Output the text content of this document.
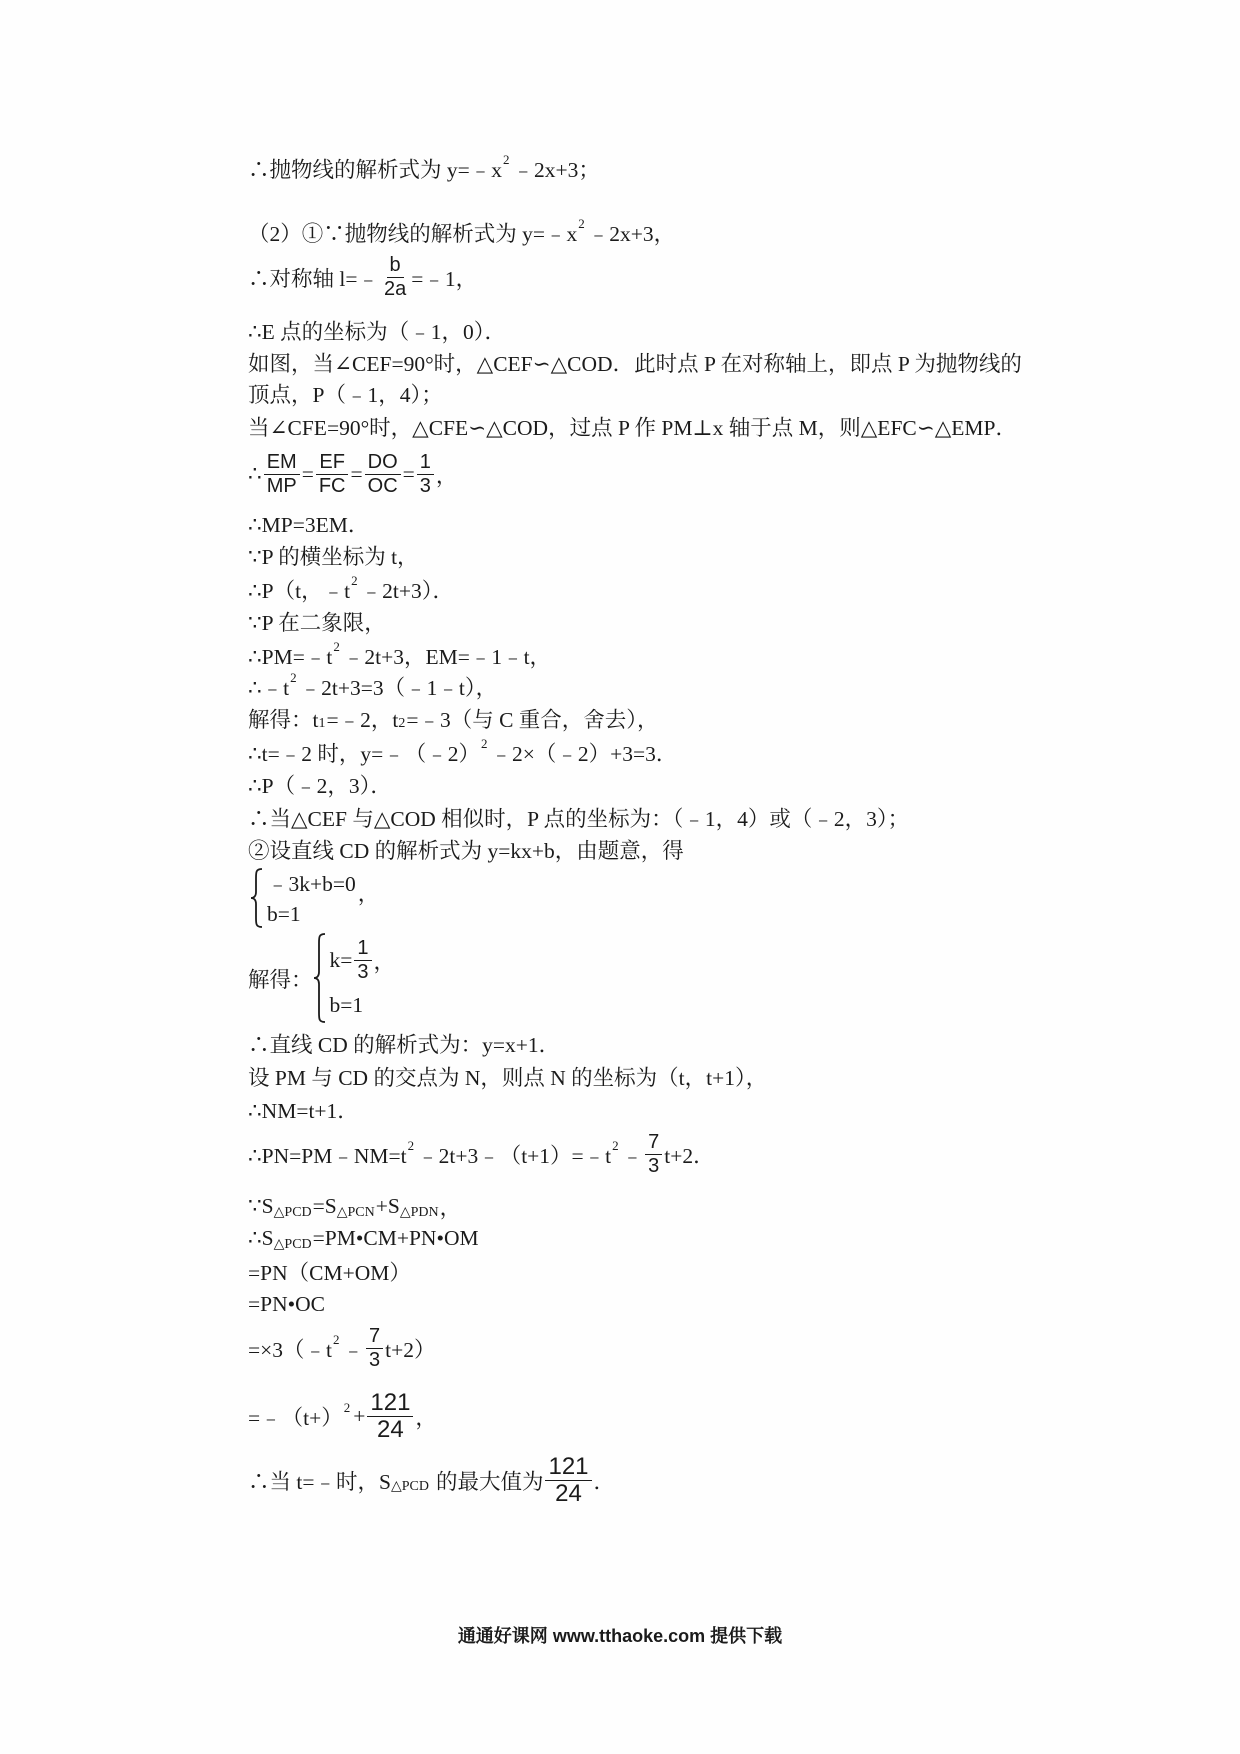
∴抛物线的解析式为 y=﹣x 2 ﹣2x+3；
（2）①∵抛物线的解析式为 y=﹣x 2 ﹣2x+3，
∴对称轴 l=﹣ $\frac{b}{2a}$ =﹣1，
∴E 点的坐标为（﹣1，0）．
如图，当∠CEF=90°时，△CEF∽△COD．此时点 P 在对称轴上，即点 P 为抛物线的
顶点，P（﹣1，4）；
当∠CFE=90°时，△CFE∽△COD，过点 P 作 PM⊥x 轴于点 M，则△EFC∽△EMP．
∴ $\frac{EM}{MP} = \frac{EF}{FC} = \frac{DO}{OC} = \frac{1}{3}$ ，
∴MP=3EM．
∵P 的横坐标为 t，
∴P（t，﹣t 2 ﹣2t+3）．
∵P 在二象限，
∴PM=﹣t 2 ﹣2t+3，EM=﹣1﹣t，
∴﹣t 2 ﹣2t+3=3（﹣1﹣t），
解得：t 1 =﹣2，t 2 =﹣3（与 C 重合，舍去），
∴t=﹣2 时，y=﹣（﹣2） 2 ﹣2×（﹣2）+3=3．
∴P（﹣2，3）．
∴当△CEF 与△COD 相似时，P 点的坐标为：（﹣1，4）或（﹣2，3）；
②设直线 CD 的解析式为 y=kx+b，由题意，得
﹣3k+b=0
b=1
，
解得：
$k= \frac{1}{3}$ ，
b=1
∴直线 CD 的解析式为：y=x+1．
设 PM 与 CD 的交点为 N，则点 N 的坐标为（t，t+1），
∴NM=t+1．
∴PN=PM﹣NM=t 2 ﹣2t+3﹣（t+1）=﹣t 2 ﹣ $\frac{7}{3} t+2$．
∵S △PCD =S △PCN +S △PDN ，
∴S △PCD =PM•CM+PN•OM
=PN（CM+OM）
=PN•OC
=×3（﹣t 2 ﹣ $\frac{7}{3} t+2$）
=﹣（t+） $2 + \frac{121}{24}$ ，
∴当 t=﹣时，S △PCD 的最大值为 $\frac{121}{24}$ ．
通通好课网 www.tthaoke.com 提供下载
